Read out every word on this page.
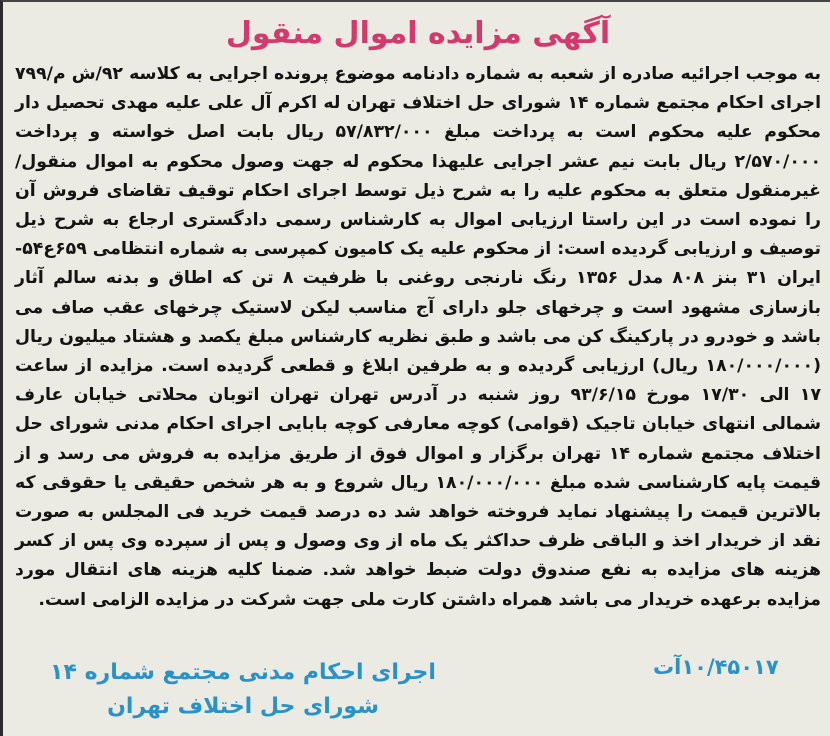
آگهی مزایده اموال منقول

به موجب اجرائیه صادره از شعبه به شماره دادنامه موضوع پرونده اجرایی به کلاسه ۹۲/ش م/۷۹۹ اجرای احکام مجتمع شماره ۱۴ شورای حل اختلاف تهران له اکرم آل علی علیه مهدی تحصیل دار محکوم علیه محکوم است به پرداخت مبلغ ۵۷/۸۳۲/۰۰۰ ریال بابت اصل خواسته و پرداخت ۲/۵۷۰/۰۰۰ ریال بابت نیم عشر اجرایی علیهذا محکوم له جهت وصول محکوم به اموال منقول/غیرمنقول متعلق به محکوم علیه را به شرح ذیل توسط اجرای احکام توقیف تقاضای فروش آن را نموده است در این راستا ارزیابی اموال به کارشناس رسمی دادگستری ارجاع به شرح ذیل توصیف و ارزیابی گردیده است: از محکوم علیه یک کامیون کمپرسی به شماره انتظامی ۶۵۹ع۵۴-ایران ۳۱ بنز ۸۰۸ مدل ۱۳۵۶ رنگ نارنجی روغنی با ظرفیت ۸ تن که اطاق و بدنه سالم آثار بازسازی مشهود است و چرخهای جلو دارای آج مناسب لیکن لاستیک چرخهای عقب صاف می باشد و خودرو در پارکینگ کن می باشد و طبق نظریه کارشناس مبلغ یکصد و هشتاد میلیون ریال (۱۸۰/۰۰۰/۰۰۰ ریال) ارزیابی گردیده و به طرفین ابلاغ و قطعی گردیده است. مزایده از ساعت ۱۷ الی ۱۷/۳۰ مورخ ۹۳/۶/۱۵ روز شنبه در آدرس تهران تهران اتوبان محلاتی خیابان عارف شمالی انتهای خیابان تاجیک (قوامی) کوچه معارفی کوچه بابایی اجرای احکام مدنی شورای حل اختلاف مجتمع شماره ۱۴ تهران برگزار و اموال فوق از طریق مزایده به فروش می رسد و از قیمت پایه کارشناسی شده مبلغ ۱۸۰/۰۰۰/۰۰۰ ریال شروع و به هر شخص حقیقی یا حقوقی که بالاترین قیمت را پیشنهاد نماید فروخته خواهد شد ده درصد قیمت خرید فی المجلس به صورت نقد از خریدار اخذ و الباقی ظرف حداکثر یک ماه از وی وصول و پس از سپرده وی پس از کسر هزینه های مزایده به نفع صندوق دولت ضبط خواهد شد. ضمنا کلیه هزینه های انتقال مورد مزایده برعهده خریدار می باشد همراه داشتن کارت ملی جهت شرکت در مزایده الزامی است.

۱۰/۴۵۰۱۷آت

اجرای احکام مدنی مجتمع شماره ۱۴
شورای حل اختلاف تهران
